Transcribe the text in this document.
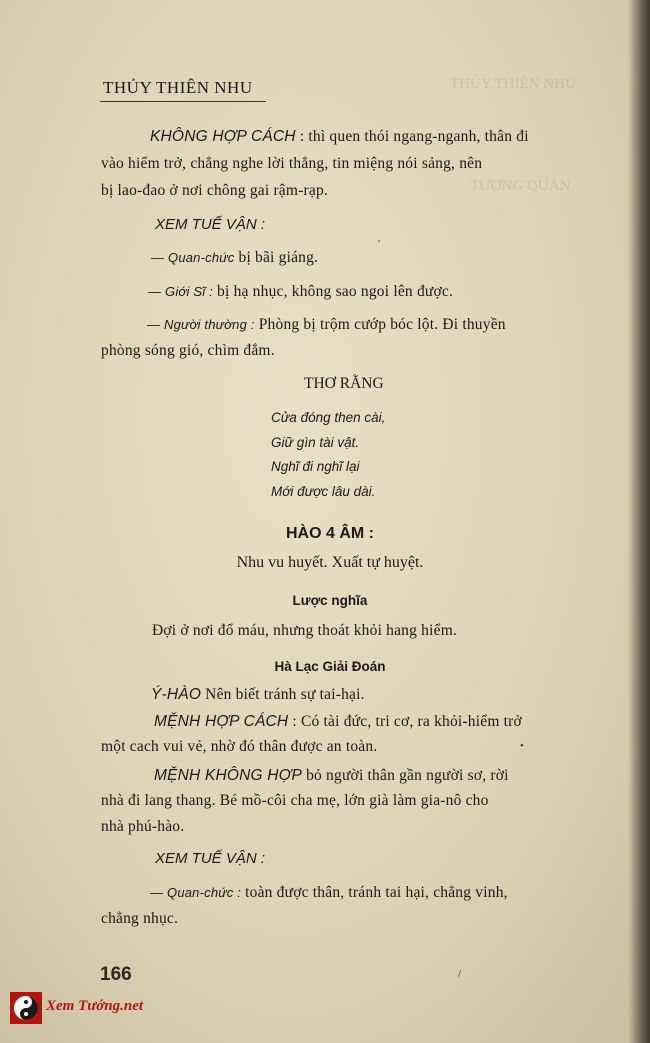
THỦY THIÊN NHU
TƯỢNG QUẢN
THỦY THIÊN NHU
KHÔNG HỢP CÁCH : thì quen thói ngang-nganh, thân đi
vào hiểm trở, chẳng nghe lời thẳng, tin miệng nói sảng, nên
bị lao-đao ở nơi chông gai rậm-rạp.
XEM TUẾ VẬN :
— Quan-chức bị bãi giáng.
— Giới Sĩ : bị hạ nhục, không sao ngoi lên được.
— Người thường : Phòng bị trộm cướp bóc lột. Đi thuyền
phòng sóng gió, chìm đắm.
THƠ RẰNG
Cửa đóng then cài,
Giữ gìn tài vật.
Nghĩ đi nghĩ lại
Mới được lâu dài.
HÀO 4 ÂM :
Nhu vu huyết. Xuất tự huyệt.
Lược nghĩa
Đợi ở nơi đổ máu, nhưng thoát khỏi hang hiểm.
Hà Lạc Giải Đoán
Ý-HÀO Nên biết tránh sự tai-hại.
MỆNH HỢP CÁCH : Có tài đức, tri cơ, ra khỏi-hiểm trở
một cach vui vẻ, nhờ đó thân được an toàn.
MỆNH KHÔNG HỢP bỏ người thân gần người sơ, rời
nhà đi lang thang. Bé mồ-côi cha mẹ, lớn già làm gia-nô cho
nhà phú-hào.
XEM TUẾ VẬN :
— Quan-chức : toàn được thân, tránh tai hại, chẳng vinh,
chẳng nhục.
166
'
•
/
Xem Tướng.net
